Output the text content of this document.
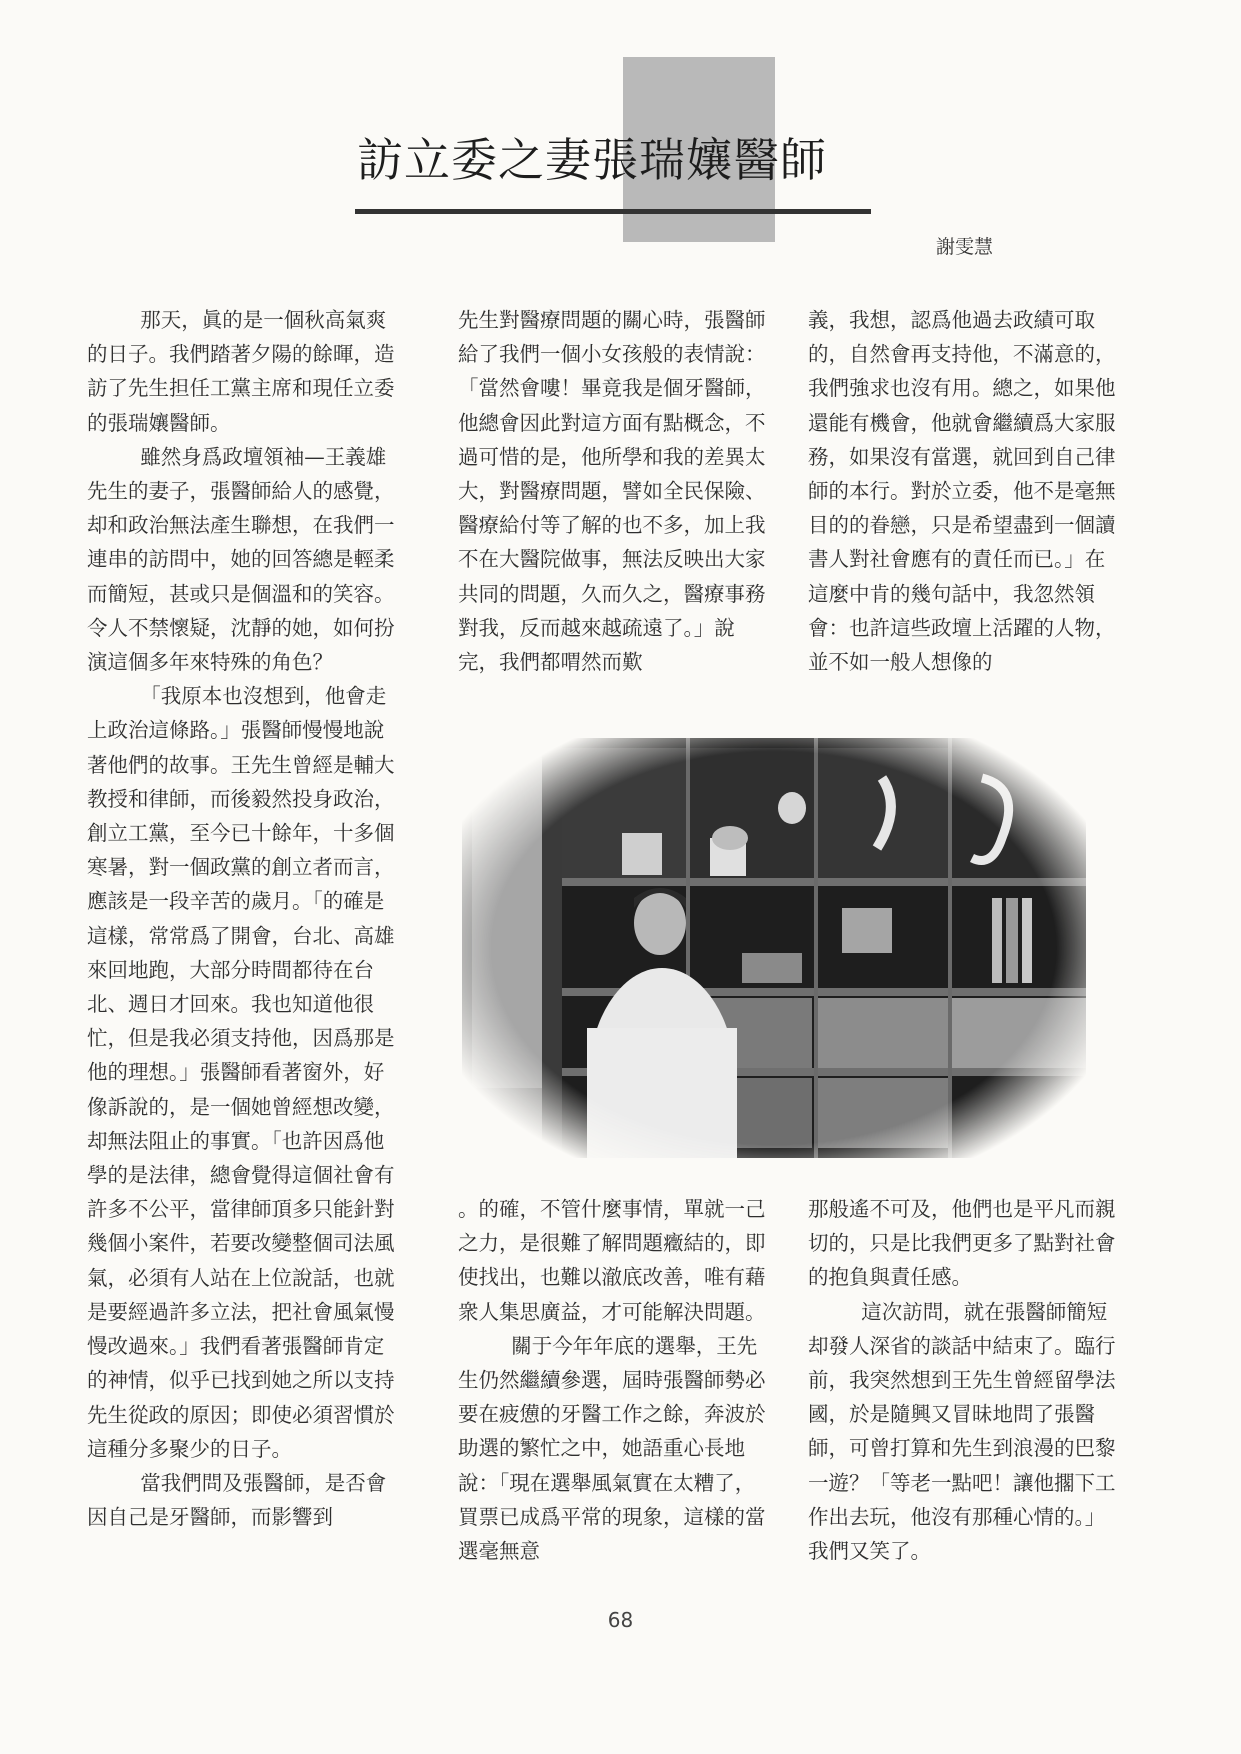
訪立委之妻張瑞孃醫師
謝雯慧

那天，眞的是一個秋高氣爽的日子。我們踏著夕陽的餘暉，造訪了先生担任工黨主席和現任立委的張瑞孃醫師。

雖然身爲政壇領袖—王義雄先生的妻子，張醫師給人的感覺，却和政治無法產生聯想，在我們一連串的訪問中，她的回答總是輕柔而簡短，甚或只是個溫和的笑容。令人不禁懷疑，沈靜的她，如何扮演這個多年來特殊的角色？

「我原本也沒想到，他會走上政治這條路。」張醫師慢慢地說著他們的故事。王先生曾經是輔大教授和律師，而後毅然投身政治，創立工黨，至今已十餘年，十多個寒暑，對一個政黨的創立者而言，應該是一段辛苦的歲月。「的確是這樣，常常爲了開會，台北、高雄來回地跑，大部分時間都待在台北、週日才回來。我也知道他很忙，但是我必須支持他，因爲那是他的理想。」張醫師看著窗外，好像訴說的，是一個她曾經想改變，却無法阻止的事實。「也許因爲他學的是法律，總會覺得這個社會有許多不公平，當律師頂多只能針對幾個小案件，若要改變整個司法風氣，必須有人站在上位說話，也就是要經過許多立法，把社會風氣慢慢改過來。」我們看著張醫師肯定的神情，似乎已找到她之所以支持先生從政的原因；即使必須習慣於這種分多聚少的日子。

當我們問及張醫師，是否會因自己是牙醫師，而影響到

先生對醫療問題的關心時，張醫師給了我們一個小女孩般的表情說：「當然會嘍！畢竟我是個牙醫師，他總會因此對這方面有點概念，不過可惜的是，他所學和我的差異太大，對醫療問題，譬如全民保險、醫療給付等了解的也不多，加上我不在大醫院做事，無法反映出大家共同的問題，久而久之，醫療事務對我，反而越來越疏遠了。」說完，我們都喟然而歎

義，我想，認爲他過去政績可取的，自然會再支持他，不滿意的，我們強求也沒有用。總之，如果他還能有機會，他就會繼續爲大家服務，如果沒有當選，就回到自己律師的本行。對於立委，他不是毫無目的的眷戀，只是希望盡到一個讀書人對社會應有的責任而已。」在這麼中肯的幾句話中，我忽然領會：也許這些政壇上活躍的人物，並不如一般人想像的

。的確，不管什麼事情，單就一己之力，是很難了解問題癥結的，即使找出，也難以澈底改善，唯有藉衆人集思廣益，才可能解決問題。

關于今年年底的選舉，王先生仍然繼續參選，屆時張醫師勢必要在疲憊的牙醫工作之餘，奔波於助選的繁忙之中，她語重心長地說：「現在選舉風氣實在太糟了，買票已成爲平常的現象，這樣的當選毫無意

那般遙不可及，他們也是平凡而親切的，只是比我們更多了點對社會的抱負與責任感。

這次訪問，就在張醫師簡短却發人深省的談話中結束了。臨行前，我突然想到王先生曾經留學法國，於是隨興又冒昧地問了張醫師，可曾打算和先生到浪漫的巴黎一遊？「等老一點吧！讓他擱下工作出去玩，他沒有那種心情的。」我們又笑了。

68
